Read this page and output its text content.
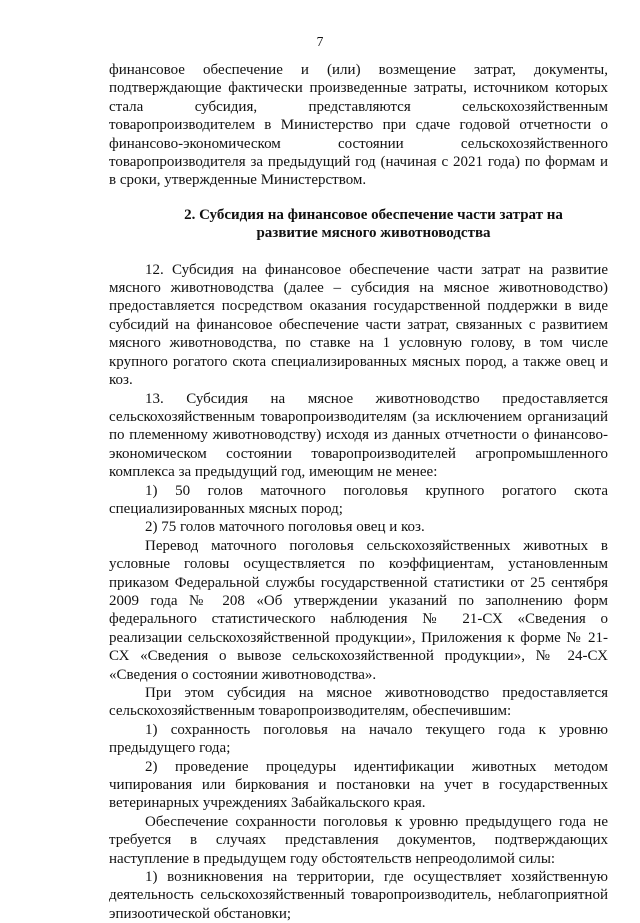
7

финансовое обеспечение и (или) возмещение затрат, документы, подтверждающие фактически произведенные затраты, источником которых стала субсидия, представляются сельскохозяйственным товаропроизводителем в Министерство при сдаче годовой отчетности о финансово-экономическом состоянии сельскохозяйственного товаропроизводителя за предыдущий год (начиная с 2021 года) по формам и в сроки, утвержденные Министерством.

2. Субсидия на финансовое обеспечение части затрат на
развитие мясного животноводства

12. Субсидия на финансовое обеспечение части затрат на развитие мясного животноводства (далее – субсидия на мясное животноводство) предоставляется посредством оказания государственной поддержки в виде субсидий на финансовое обеспечение части затрат, связанных с развитием мясного животноводства, по ставке на 1 условную голову, в том числе крупного рогатого скота специализированных мясных пород, а также овец и коз.

13. Субсидия на мясное животноводство предоставляется сельскохозяйственным товаропроизводителям (за исключением организаций по племенному животноводству) исходя из данных отчетности о финансово-экономическом состоянии товаропроизводителей агропромышленного комплекса за предыдущий год, имеющим не менее:

1) 50 голов маточного поголовья крупного рогатого скота специализированных мясных пород;

2) 75 голов маточного поголовья овец и коз.

Перевод маточного поголовья сельскохозяйственных животных в условные головы осуществляется по коэффициентам, установленным приказом Федеральной службы государственной статистики от 25 сентября 2009 года № 208 «Об утверждении указаний по заполнению форм федерального статистического наблюдения № 21-СХ «Сведения о реализации сельскохозяйственной продукции», Приложения к форме № 21-СХ «Сведения о вывозе сельскохозяйственной продукции», № 24-СХ «Сведения о состоянии животноводства».

При этом субсидия на мясное животноводство предоставляется сельскохозяйственным товаропроизводителям, обеспечившим:

1) сохранность поголовья на начало текущего года к уровню предыдущего года;

2) проведение процедуры идентификации животных методом чипирования или биркования и постановки на учет в государственных ветеринарных учреждениях Забайкальского края.

Обеспечение сохранности поголовья к уровню предыдущего года не требуется в случаях представления документов, подтверждающих наступление в предыдущем году обстоятельств непреодолимой силы:

1) возникновения на территории, где осуществляет хозяйственную деятельность сельскохозяйственный товаропроизводитель, неблагоприятной эпизоотической обстановки;
